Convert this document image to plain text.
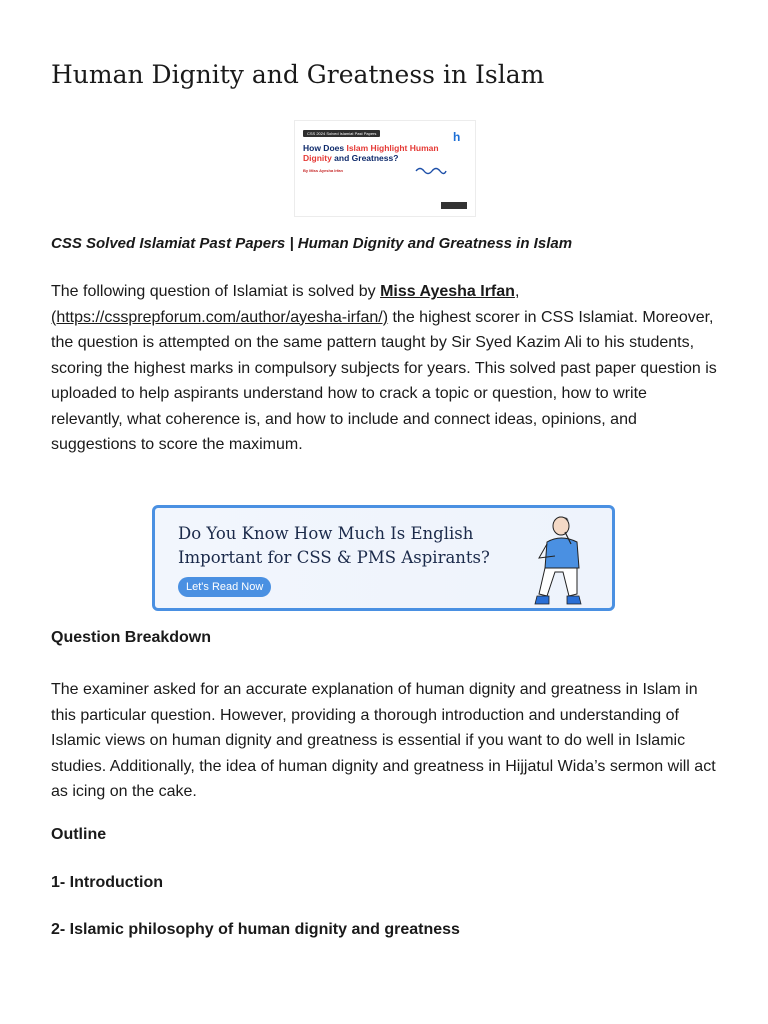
Human Dignity and Greatness in Islam
CSS 2024 Solved Islamiat Past Papers	h
How Does Islam Highlight Human
Dignity and Greatness?
By Miss Ayesha Irfan

CSS Solved Islamiat Past Papers | Human Dignity and Greatness in Islam

The following question of Islamiat is solved by Miss Ayesha Irfan, (https://cssprepforum.com/author/ayesha-irfan/) the highest scorer in CSS Islamiat. Moreover, the question is attempted on the same pattern taught by Sir Syed Kazim Ali to his students, scoring the highest marks in compulsory subjects for years. This solved past paper question is uploaded to help aspirants understand how to crack a topic or question, how to write relevantly, what coherence is, and how to include and connect ideas, opinions, and suggestions to score the maximum.

Do You Know How Much Is English
Important for CSS & PMS Aspirants?
Let's Read Now

Question Breakdown

The examiner asked for an accurate explanation of human dignity and greatness in Islam in this particular question. However, providing a thorough introduction and understanding of Islamic views on human dignity and greatness is essential if you want to do well in Islamic studies. Additionally, the idea of human dignity and greatness in Hijjatul Wida’s sermon will act as icing on the cake.

Outline

1- Introduction

2- Islamic philosophy of human dignity and greatness
